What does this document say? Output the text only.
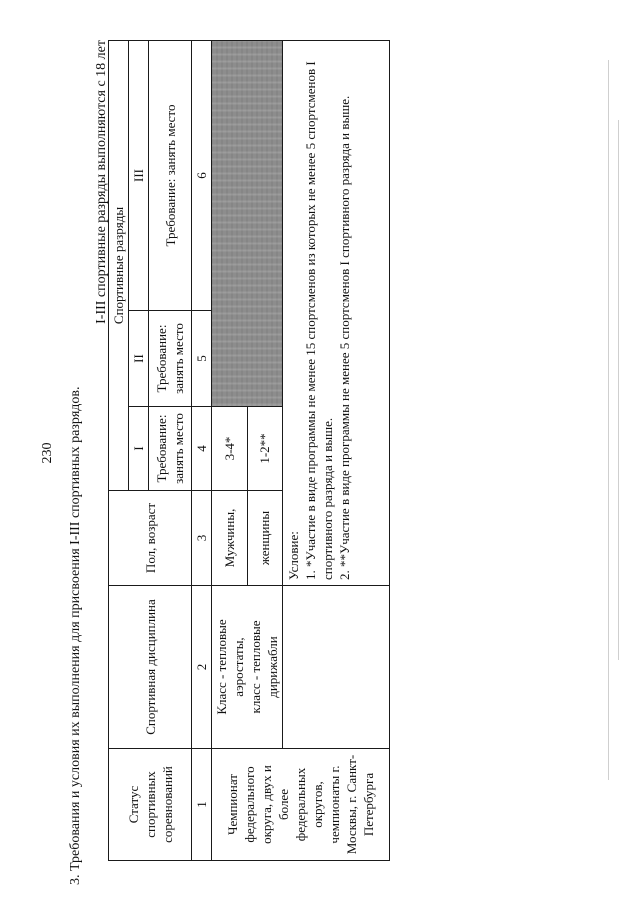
230 3. Требования и условия их выполнения для присвоения I-III спортивных разрядов.
I-III спортивные разряды выполняются с 18 лет
Статус спортивных соревнований	Спортивная дисциплина	Пол, возраст	Спортивные разряды		
			I	II	III
			Требование: занять место	Требование: занять место	Требование: занять место
1	2	3	4	5	6
Чемпионат федерального округа, двух и более федеральных округов, чемпионаты г. Москвы, г. Санкт-Петербурга	Класс - тепловые аэростаты, класс - тепловые дирижабли	Мужчины,	3-4*		
		женщины	1-2**		

		Условие: 1. *Участие в виде программы не менее 15 спортсменов из которых не менее 5 спортсменов I спортивного разряда и выше. 2. **Участие в виде программы не менее 5 спортсменов I спортивного разряда и выше.			
